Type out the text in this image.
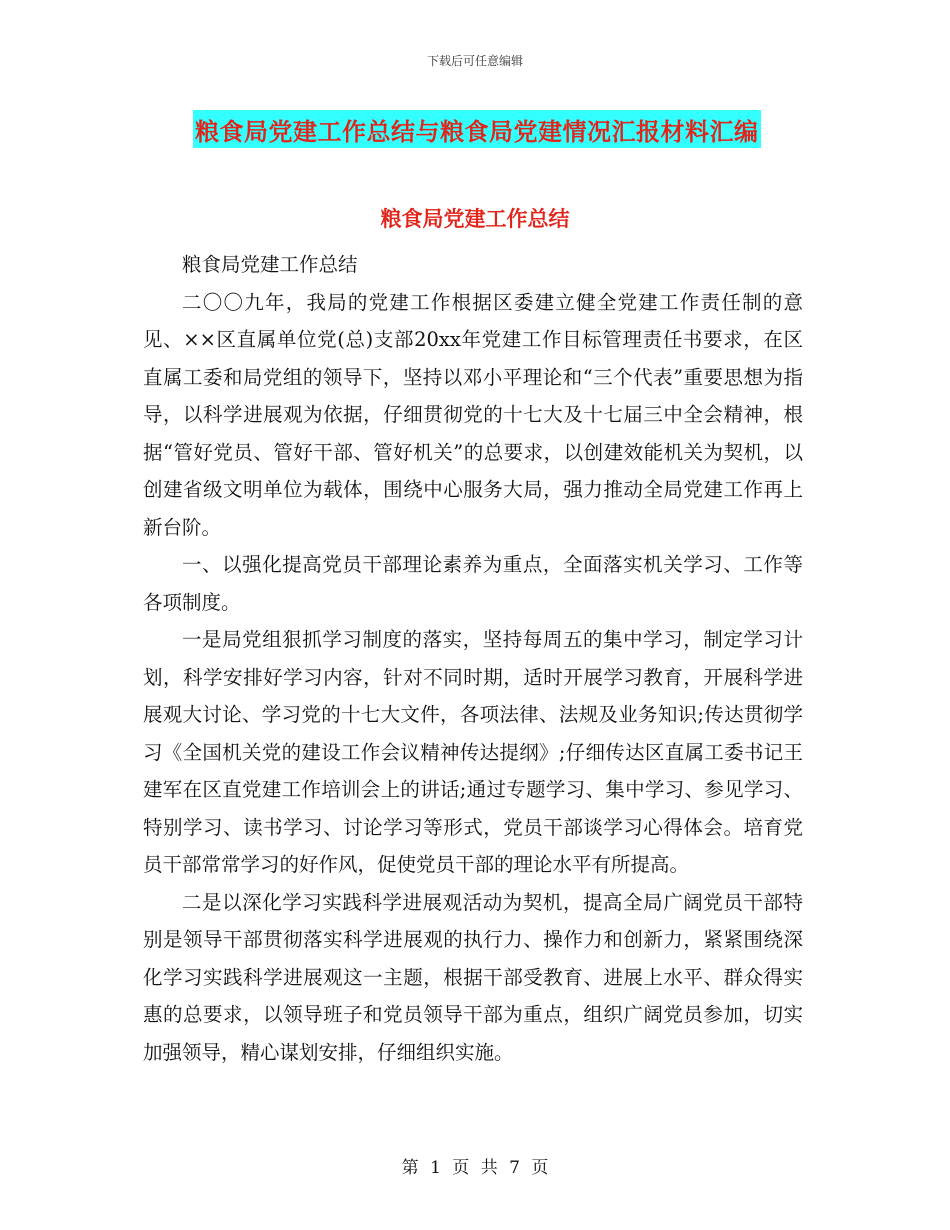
下载后可任意编辑
粮食局党建工作总结与粮食局党建情况汇报材料汇编
粮食局党建工作总结

粮食局党建工作总结

二〇〇九年，我局的党建工作根据区委建立健全党建工作责任制的意见、××区直属单位党(总)支部20xx年党建工作目标管理责任书要求，在区直属工委和局党组的领导下，坚持以邓小平理论和“三个代表”重要思想为指导，以科学进展观为依据，仔细贯彻党的十七大及十七届三中全会精神，根据“管好党员、管好干部、管好机关”的总要求，以创建效能机关为契机，以创建省级文明单位为载体，围绕中心服务大局，强力推动全局党建工作再上新台阶。

一、以强化提高党员干部理论素养为重点，全面落实机关学习、工作等各项制度。

一是局党组狠抓学习制度的落实，坚持每周五的集中学习，制定学习计划，科学安排好学习内容，针对不同时期，适时开展学习教育，开展科学进展观大讨论、学习党的十七大文件，各项法律、法规及业务知识;传达贯彻学习《全国机关党的建设工作会议精神传达提纲》;仔细传达区直属工委书记王建军在区直党建工作培训会上的讲话;通过专题学习、集中学习、参见学习、特别学习、读书学习、讨论学习等形式，党员干部谈学习心得体会。培育党员干部常常学习的好作风，促使党员干部的理论水平有所提高。

二是以深化学习实践科学进展观活动为契机，提高全局广阔党员干部特别是领导干部贯彻落实科学进展观的执行力、操作力和创新力，紧紧围绕深化学习实践科学进展观这一主题，根据干部受教育、进展上水平、群众得实惠的总要求，以领导班子和党员领导干部为重点，组织广阔党员参加，切实加强领导，精心谋划安排，仔细组织实施。

第 1 页 共 7 页
